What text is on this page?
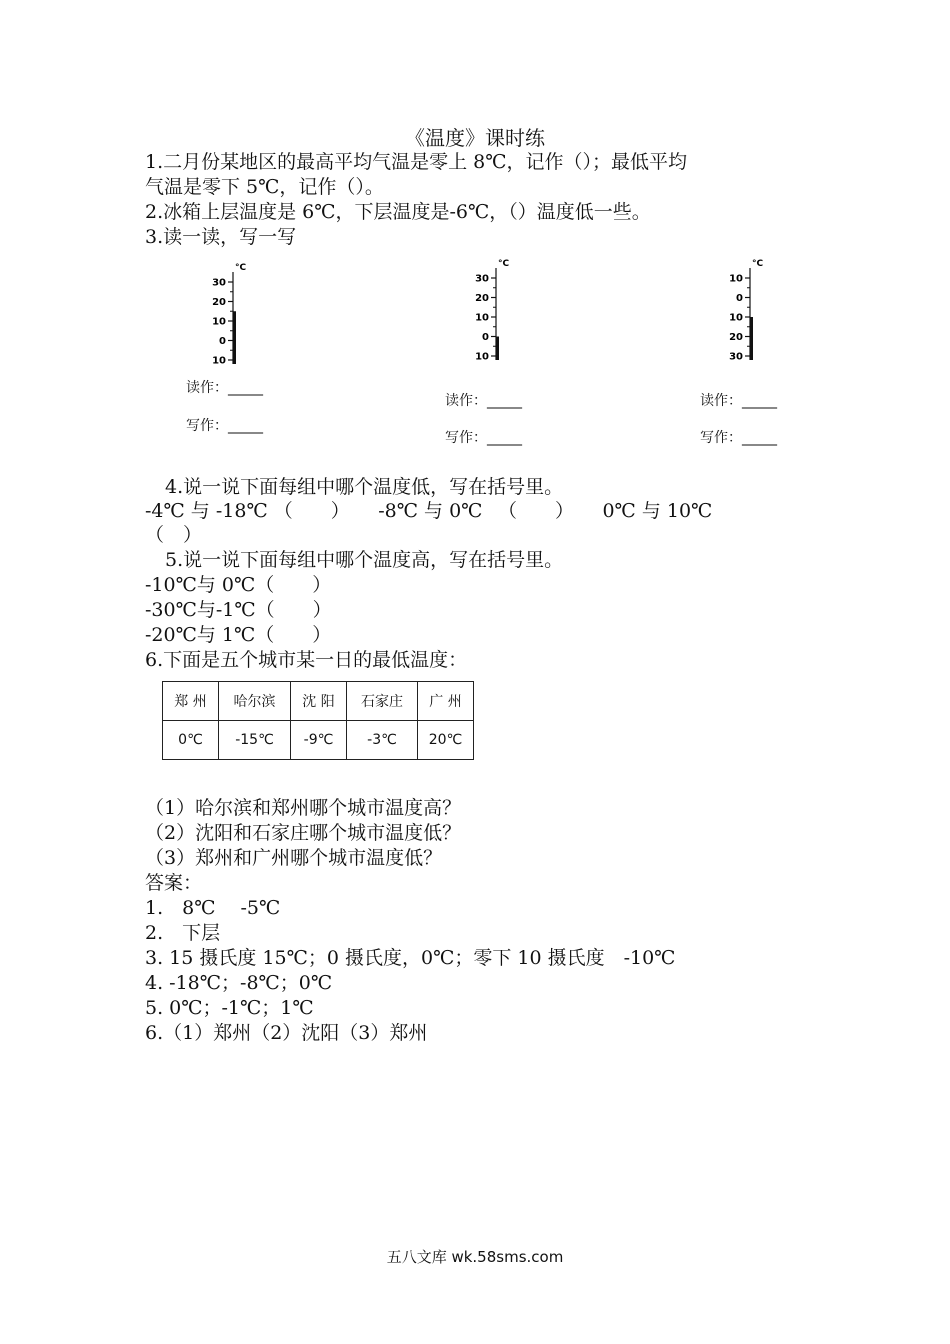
《温度》课时练
1.二月份某地区的最高平均气温是零上 8℃，记作（）；最低平均
气温是零下 5℃，记作（）。
2.冰箱上层温度是 6℃，下层温度是-6℃，（）温度低一些。
3.读一读，写一写
°C
30
20
10
0
10
°C
30
20
10
0
10
°C
10
0
10
20
30
读作：_____
写作：_____
读作：_____
写作：_____
读作：_____
写作：_____
4.说一说下面每组中哪个温度低，写在括号里。
-4℃ 与 -18℃ （　　）　　-8℃ 与 0℃ 　（　　）　　0℃ 与 10℃
（　）
5.说一说下面每组中哪个温度高，写在括号里。
-10℃与 0℃（　　）
-30℃与-1℃（　　）
-20℃与 1℃（　　）
6.下面是五个城市某一日的最低温度：
郑 州	哈尔滨	沈 阳	石家庄	广 州
0℃	-15℃	-9℃	-3℃	20℃
（1）哈尔滨和郑州哪个城市温度高？
（2）沈阳和石家庄哪个城市温度低？
（3）郑州和广州哪个城市温度低？
答案：
1.　8℃　 -5℃
2.　下层
3. 15 摄氏度 15℃；0 摄氏度，0℃；零下 10 摄氏度　-10℃
4. -18℃；-8℃；0℃
5. 0℃；-1℃；1℃
6.（1）郑州（2）沈阳（3）郑州
五八文库 wk.58sms.com
